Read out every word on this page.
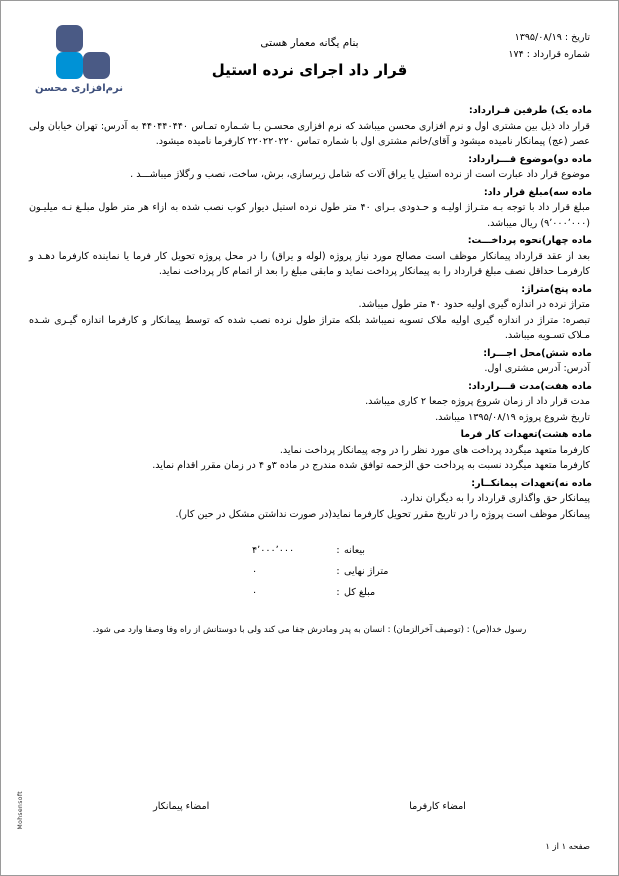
نرم‌افزاری محسن
بنام یگانه معمار هستی	تاریخ : ۱۳۹۵/۰۸/۱۹
شماره قرارداد : ۱۷۴
قرار داد اجرای نرده استیل
ماده یک) طرفین قـرارداد:

قرار داد ذیل بین مشتری اول و نرم افزاری محسن میباشد که نرم افزاری محسـن بـا شـماره تمـاس ۴۴۰۴۴۰۴۴۰ به آدرس: تهران خیابان ولی عصر (عج) پیمانکار نامیده میشود و آقای/خانم مشتری اول با شماره تماس ۲۲۰۲۲۰۲۲۰ کارفرما نامیده میشود.

ماده دو)موضوع قـــرارداد:

موضوع قرار داد عبارت است از نرده استیل یا یراق آلات که شامل زیرسازی، برش، ساخت، نصب و رگلاژ میباشـــد .

ماده سه)مبلغ قرار داد:

مبلغ قرار داد با توجه بـه متـراژ اولیـه و حـدودی بـرای ۴۰ متر طول نرده استیل دیوار کوب نصب شده به ازاء هر متر طول مبلـغ نـه میلیـون (۹٬۰۰۰٬۰۰۰) ریال میباشد.

ماده چهار)نحوه پرداخـــت:

بعد از عقد قرارداد پیمانکار موظف است مصالح مورد نیاز پروژه (لوله و یراق) را در محل پروژه تحویل کار فرما یا نماینده کارفرما دهـد و کارفرمـا حداقل نصف مبلغ قرارداد را به پیمانکار پرداخت نماید و مابقی مبلغ را بعد از اتمام کار پرداخت نماید.

ماده پنج)متراژ:

متراژ نرده در اندازه گیری اولیه حدود ۴۰ متر طول میباشد.

تبصره: متراژ در اندازه گیری اولیه ملاک تسویه نمیباشد بلکه متراژ طول نرده نصب شده که توسط پیمانکار و کارفرما اندازه گیـری شـده مـلاک تسـویه میباشد.

ماده شش)محل اجـــرا:

آدرس: آدرس مشتری اول.

ماده هفت)مدت قـــرارداد:

مدت قرار داد از زمان شروع پروژه جمعا ۲ کاری میباشد.

تاریخ شروع پروژه ۱۳۹۵/۰۸/۱۹ میباشد.

ماده هشت)تعهدات کار فرما

کارفرما متعهد میگردد پرداخت های مورد نظر را در وجه پیمانکار پرداخت نماید.

کارفرما متعهد میگردد نسبت به پرداخت حق الزحمه توافق شده مندرج در ماده ۳و ۴ در زمان مقرر اقدام نماید.

ماده نه)تعهدات پیمانکــار:

پیمانکار حق واگذاری قرارداد را به دیگران ندارد.

پیمانکار موظف است پروژه را در تاریخ مقرر تحویل کارفرما نماید(در صورت نداشتن مشکل در حین کار).

بیعانه
:
۴٬۰۰۰٬۰۰۰
متراژ نهایی
:
۰
مبلغ کل
:
۰
رسول خدا(ص) : (توصیف آخرالزمان) : انسان به پدر ومادرش جفا می کند ولی با دوستانش از راه وفا وصفا وارد می شود.
امضاء کارفرما
امضاء پیمانکار
صفحه ۱ از ۱
Mohsensoft
